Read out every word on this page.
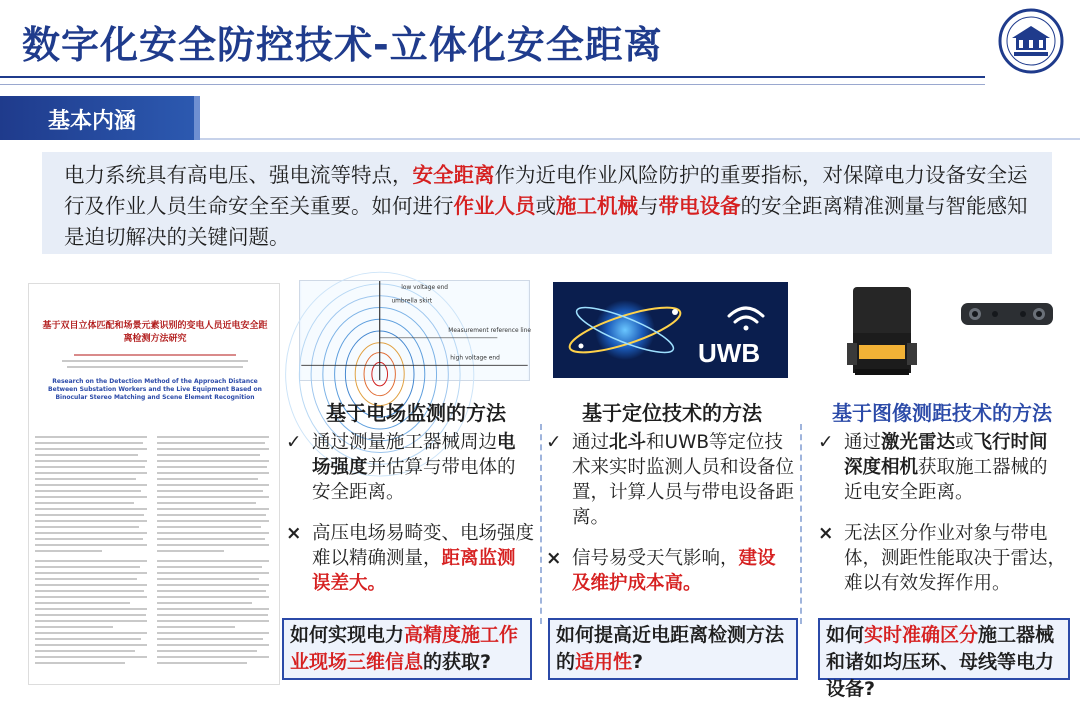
数字化安全防控技术-立体化安全距离
基本内涵
电力系统具有高电压、强电流等特点，安全距离作为近电作业风险防护的重要指标，对保障电力设备安全运行及作业人员生命安全至关重要。如何进行作业人员或施工机械与带电设备的安全距离精准测量与智能感知是迫切解决的关键问题。
基于双目立体匹配和场景元素识别的变电人员近电安全距离检测方法研究
Research on the Detection Method of the Approach Distance Between Substation Workers and the Live Equipment Based on Binocular Stereo Matching and Scene Element Recognition
low voltage end
umbrella skirt
Measurement reference line
high voltage end	UWB
基于电场监测的方法
✓ 通过测量施工器械周边电场强度并估算与带电体的安全距离。
× 高压电场易畸变、电场强度难以精确测量，距离监测误差大。
基于定位技术的方法
✓ 通过北斗和UWB等定位技术来实时监测人员和设备位置，计算人员与带电设备距离。
× 信号易受天气影响，建设及维护成本高。
基于图像测距技术的方法
✓ 通过激光雷达或飞行时间深度相机获取施工器械的近电安全距离。
× 无法区分作业对象与带电体，测距性能取决于雷达，难以有效发挥作用。
如何实现电力高精度施工作业现场三维信息的获取?
如何提高近电距离检测方法的适用性?
如何实时准确区分施工器械和诸如均压环、母线等电力设备?
